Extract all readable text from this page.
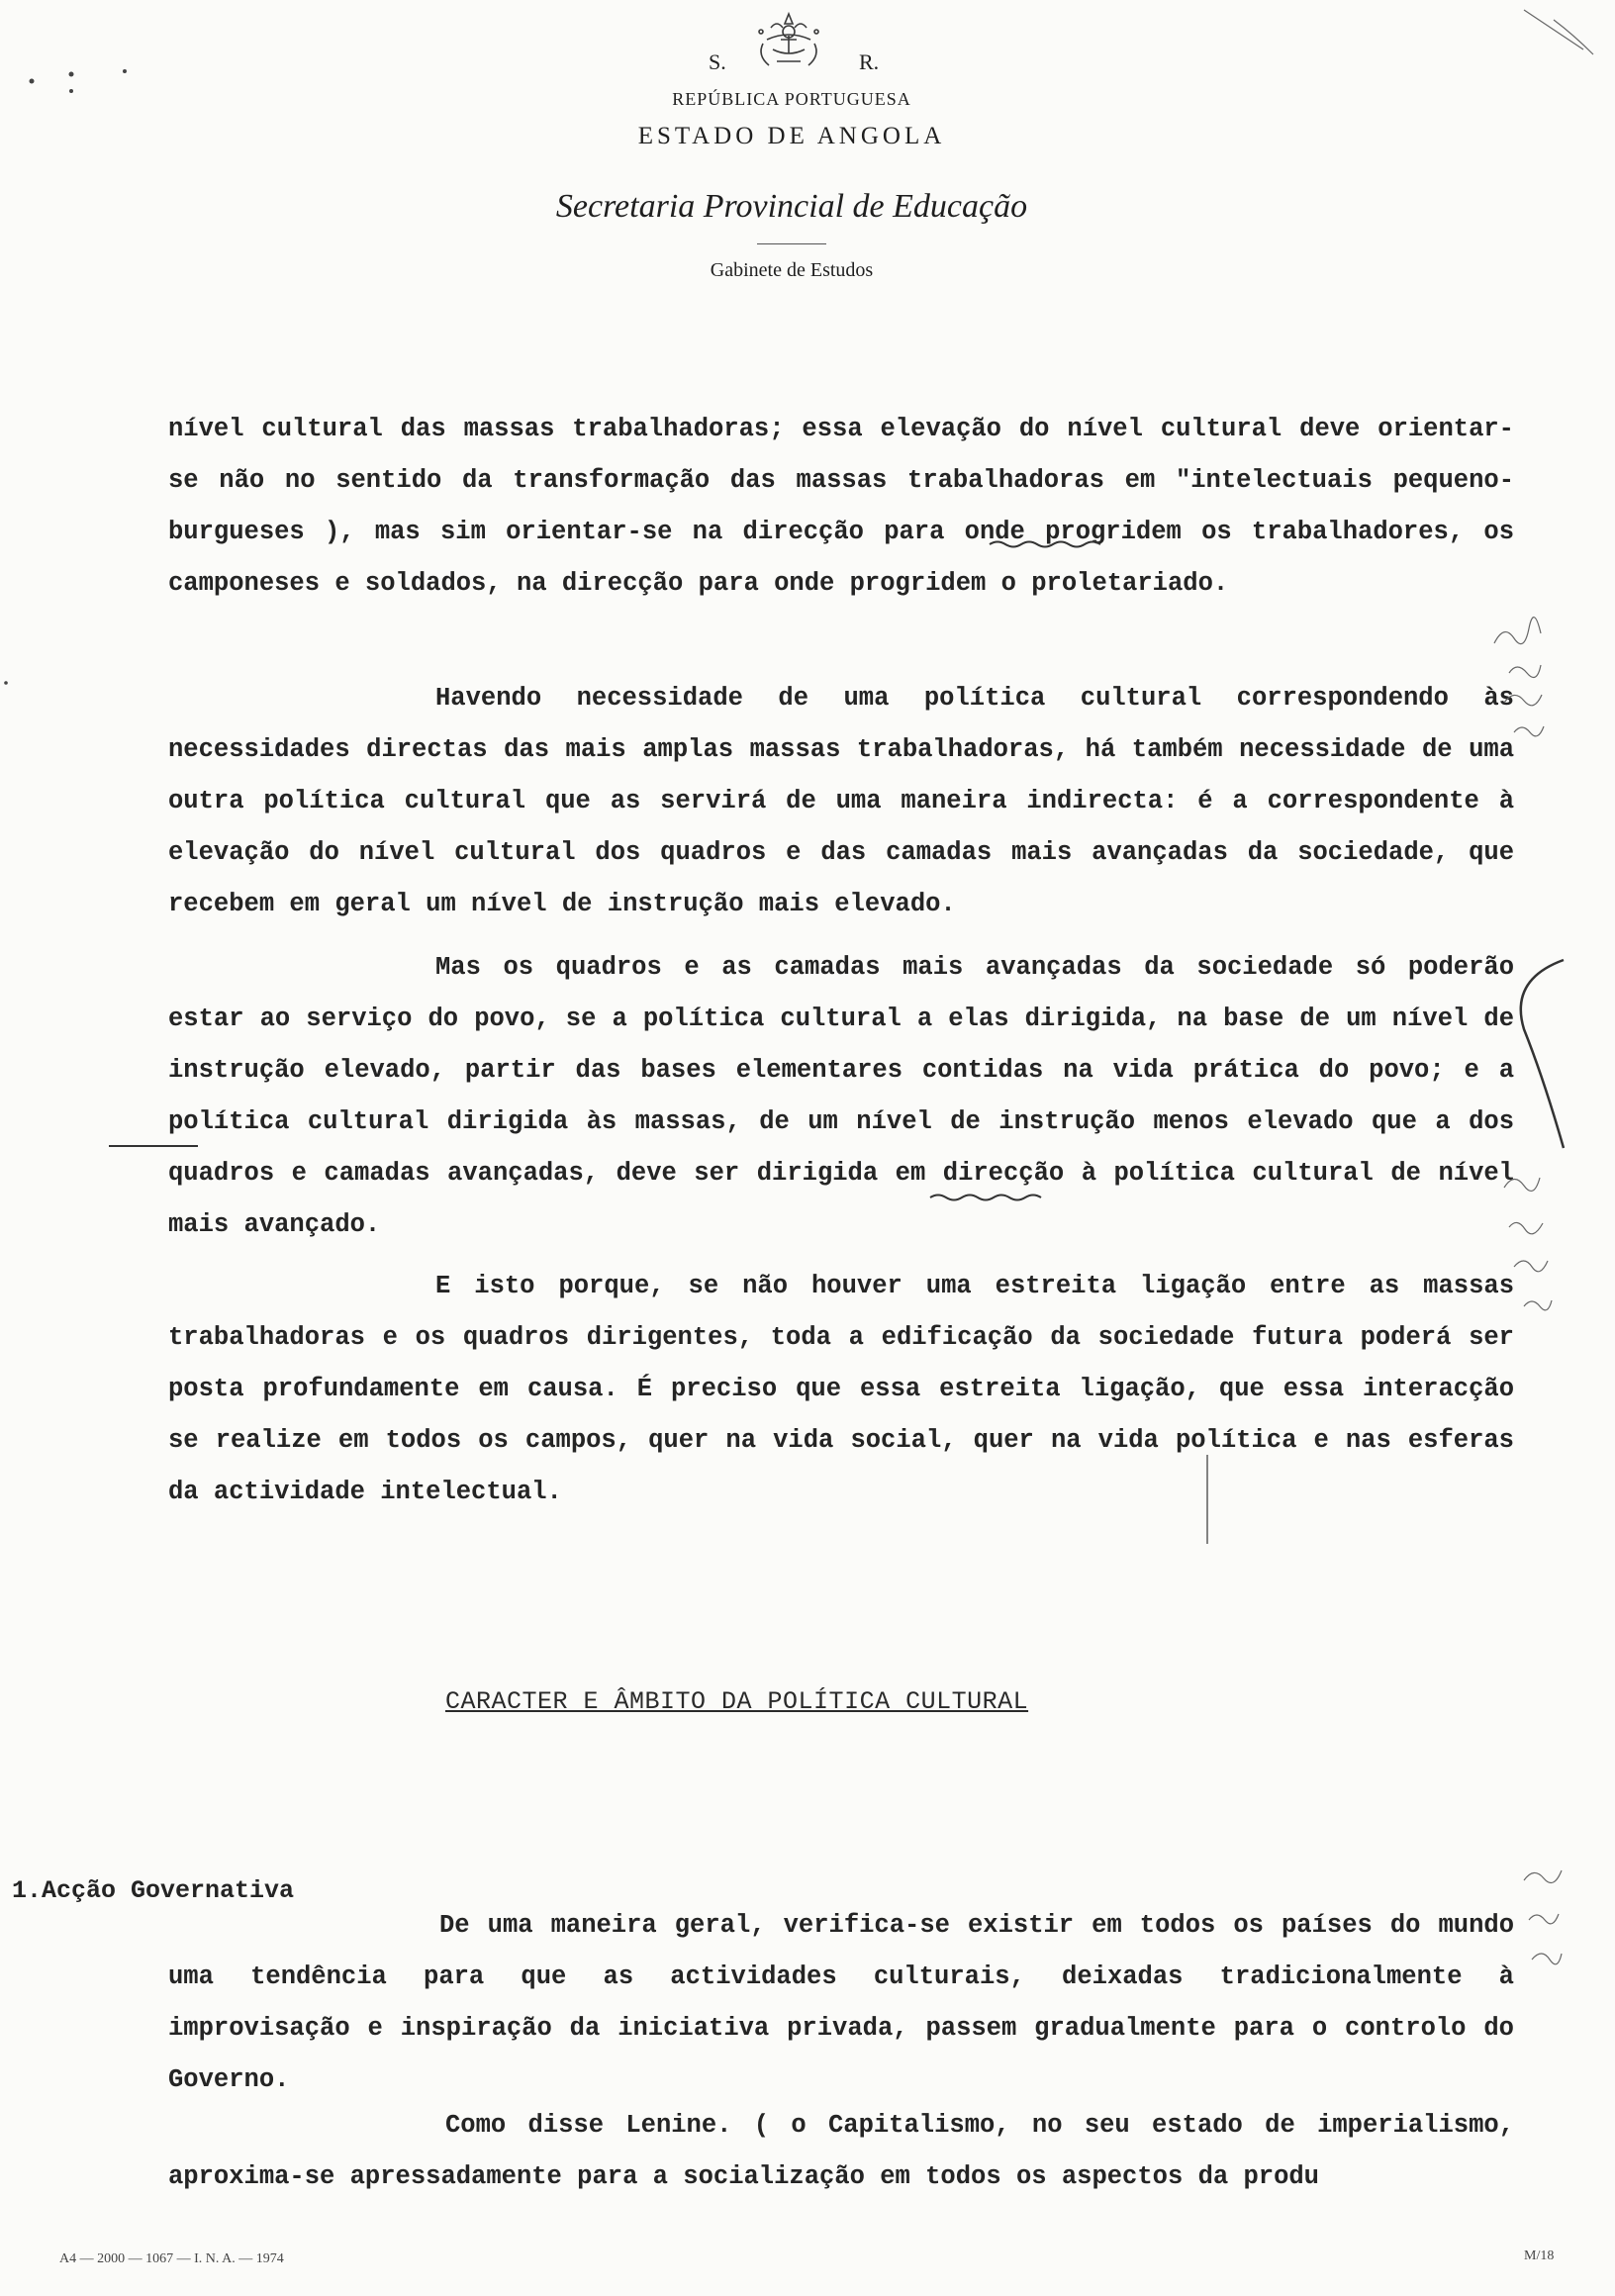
S.	R.
REPÚBLICA PORTUGUESA
ESTADO DE ANGOLA
Secretaria Provincial de Educação
Gabinete de Estudos

nível cultural das massas trabalhadoras; essa elevação do nível cultural deve orientar-se não no sentido da transformação das massas trabalhadoras em "intelectuais pequeno-burgueses ), mas sim orientar-se na direcção para onde progridem os trabalhadores, os camponeses e soldados, na direcção para onde progridem o proletariado.

Havendo necessidade de uma política cultural correspondendo às necessidades directas das mais amplas massas trabalhadoras, há também necessidade de uma outra política cultural que as servirá de uma maneira indirecta: é a correspondente à elevação do nível cultural dos quadros e das camadas mais avançadas da sociedade, que recebem em geral um nível de instrução mais elevado.

Mas os quadros e as camadas mais avançadas da sociedade só poderão estar ao serviço do povo, se a política cultural a elas dirigida, na base de um nível de instrução elevado, partir das bases elementares contidas na vida prática do povo; e a política cultural dirigida às massas, de um nível de instrução menos elevado que a dos quadros e camadas avançadas, deve ser dirigida em direcção à política cultural de nível mais avançado.

E isto porque, se não houver uma estreita ligação entre as massas trabalhadoras e os quadros dirigentes, toda a edificação da sociedade futura poderá ser posta profundamente em causa. É preciso que essa estreita ligação, que essa interacção se realize em todos os campos, quer na vida social, quer na vida política e nas esferas da actividade intelectual.

CARACTER E ÂMBITO DA POLÍTICA CULTURAL
1.Acção Governativa

De uma maneira geral, verifica-se existir em todos os países do mundo uma tendência para que as actividades culturais, deixadas tradicionalmente à improvisação e inspiração da iniciativa privada, passem gradualmente para o controlo do Governo.

Como disse Lenine. ( o Capitalismo, no seu estado de imperialismo, aproxima-se apressadamente para a socialização em todos os aspectos da produ

A4 — 2000 — 1067 — I. N. A. — 1974	M/18
